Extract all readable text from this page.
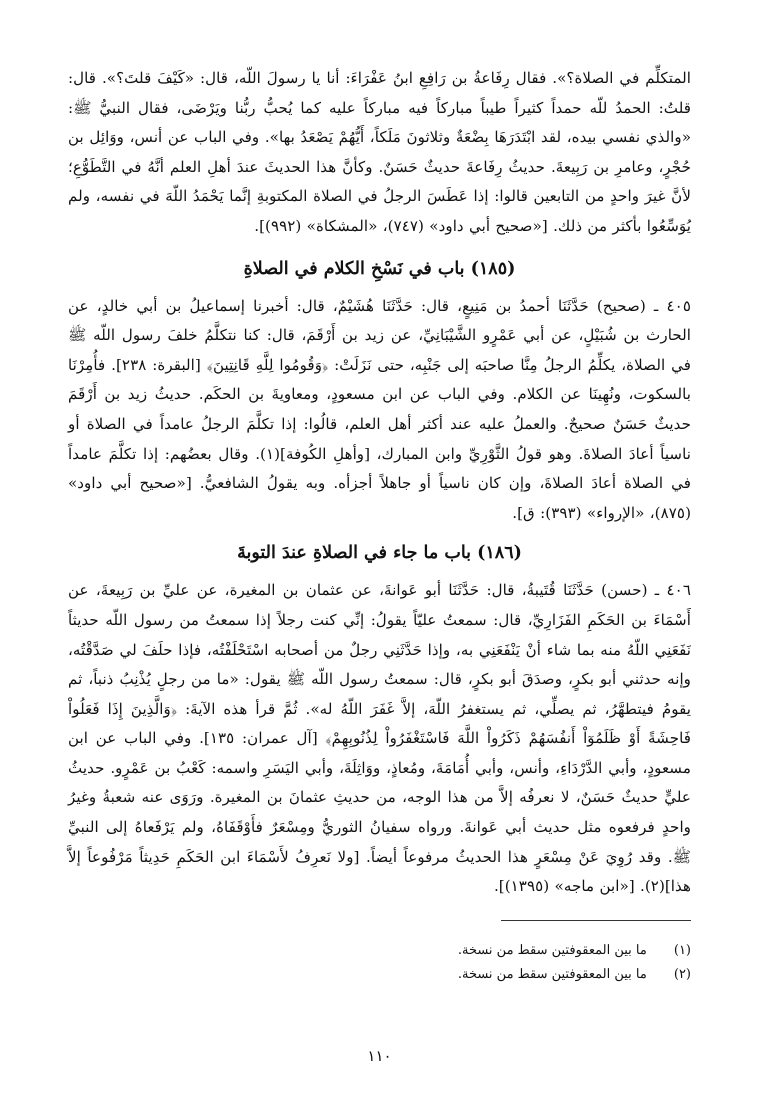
المتكلِّم في الصلاة؟». فقال رِفَاعةُ بن رَافِعِ ابنُ عَفْرَاءَ: أنا يا رسولَ اللّه، قال: «كَيْفَ قلتَ؟». قال: قلتُ: الحمدُ للّه حمداً كثيراً طيباً مباركاً فيه مباركاً عليه كما يُحبُّ ربُّنا ويَرْضَى، فقال النبيُّ ﷺ: «والذي نفسي بيده، لقد ابْتَدَرَهَا بِضْعَةٌ وثلاثونَ مَلَكاً، أَيُّهُمْ يَصْعَدُ بها». وفي الباب عن أنس، ووَائِل بن حُجْرٍ، وعامرِ بن رَبِيعةَ. حديثُ رِفَاعةَ حديثٌ حَسَنٌ. وكأنَّ هذا الحديثَ عندَ أهلِ العلم أنَّهُ في التَّطَوُّعِ؛ لأنَّ غيرَ واحدٍ من التابعين قالوا: إذا عَطَسَ الرجلُ في الصلاة المكتوبةِ إنَّما يَحْمَدُ اللّهَ في نفسه، ولم يُوَسِّعُوا بأكثر من ذلك. [«صحيح أبي داود» (٧٤٧)، «المشكاة» (٩٩٢)].

(١٨٥) باب في نَسْخِ الكلام في الصلاةِ

٤٠٥ ـ (صحيح) حَدَّثَنَا أحمدُ بن مَنِيعٍ، قال: حَدَّثَنَا هُشَيْمٌ، قال: أخبرنا إسماعيلُ بن أبي خالدٍ، عن الحارث بن شُبَيْلٍ، عن أبي عَمْرٍو الشَّيْبَانِيِّ، عن زيد بن أَرْقَمَ، قال: كنا نتكلَّمُ خلفَ رسول اللّه ﷺ في الصلاة، يكلِّمُ الرجلُ مِنَّا صاحبَه إلى جَنْبِه، حتى نَزَلَتْ: ﴿وَقُومُوا لِلَّهِ قَانِتِينَ﴾ [البقرة: ٢٣٨]. فأُمِرْنَا بالسكوت، ونُهِينَا عن الكلام. وفي الباب عن ابن مسعودٍ، ومعاويةَ بن الحكَم. حديثُ زيد بن أَرْقَمَ حديثٌ حَسَنٌ صحيحٌ. والعملُ عليه عند أكثر أهل العلم، قالُوا: إذا تكلَّمَ الرجلُ عامداً في الصلاة أو ناسياً أعادَ الصلاةَ. وهو قولُ الثَّوْرِيِّ وابن المبارك، [وأهلِ الكُوفة](١). وقال بعضُهم: إذا تكلَّمَ عامداً في الصلاة أعادَ الصلاةَ، وإن كان ناسياً أو جاهلاً أجزأه. وبه يقولُ الشافعيُّ. [«صحيح أبي داود» (٨٧٥)، «الإرواء» (٣٩٣): ق].

(١٨٦) باب ما جاء في الصلاةِ عندَ التوبةَ

٤٠٦ ـ (حسن) حَدَّثَنَا قُتَيبةُ، قال: حَدَّثَنَا أبو عَوانةَ، عن عثمان بن المغيرة، عن عليِّ بن رَبِيعةَ، عن أَسْمَاءَ بن الحَكَمِ الفَزَارِيِّ، قال: سمعتُ عليّاً يقولُ: إنِّي كنت رجلاً إذا سمعتُ من رسول اللّه حديثاً نَفَعَنِي اللّهُ منه بما شاء أنْ يَنْفَعَنِي به، وإذا حَدَّثَنِي رجلٌ من أصحابه اسْتَحْلَفْتُه، فإذا حلَفَ لي صَدَّقْتُه، وإنه حدثني أبو بكرٍ، وصدَقَ أبو بكرٍ، قال: سمعتُ رسول اللّه ﷺ يقول: «ما من رجلٍ يُذْنِبُ ذنباً، ثم يقومُ فيتطهَّرُ، ثم يصلِّي، ثم يستغفرُ اللّهَ، إلاَّ غَفَرَ اللّهُ له». ثُمَّ قرأ هذه الآيةَ: ﴿وَالَّذِينَ إِذَا فَعَلُواْ فَاحِشَةً أَوْ ظَلَمُوٓاْ أَنفُسَهُمْ ذَكَرُواْ اللَّهَ فَاسْتَغْفَرُواْ لِذُنُوبِهِمْ﴾ [آل عمران: ١٣٥]. وفي الباب عن ابن مسعودٍ، وأبي الدَّرْدَاءِ، وأنس، وأبي أُمَامَةَ، ومُعاذٍ، ووَاثِلَةَ، وأبي اليَسَرِ واسمه: كَعْبُ بن عَمْرٍو. حديثُ عليٍّ حديثٌ حَسَنٌ، لا نعرفُه إلاَّ من هذا الوجه، من حديثِ عثمانَ بن المغيرة. ورَوَى عنه شعبةُ وغيرُ واحدٍ فرفعوه مثل حديث أبي عَوانةَ. ورواه سفيانُ الثوريُّ ومِسْعَرٌ فأَوْقَفَاهُ، ولم يَرْفَعاهُ إلى النبيِّ ﷺ. وقد رُوِيَ عَنْ مِسْعَرٍ هذا الحديثُ مرفوعاً أيضاً. [ولا نَعرِفُ لأَسْمَاءَ ابن الحَكَمِ حَدِيثاً مَرْفُوعاً إلاَّ هذا](٢). [«ابن ماجه» (١٣٩٥)].

(١) ما بين المعقوفتين سقط من نسخة.
(٢) ما بين المعقوفتين سقط من نسخة.
١١٠
